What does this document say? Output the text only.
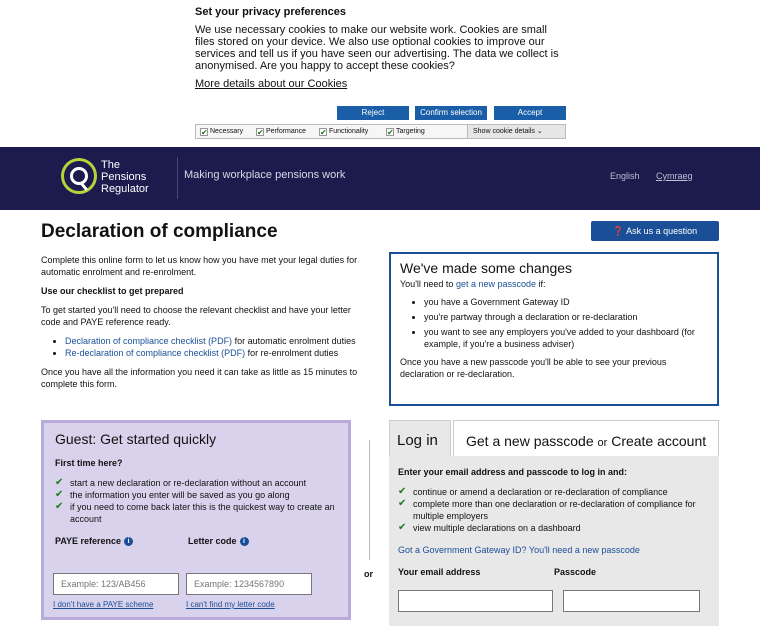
Set your privacy preferences
We use necessary cookies to make our website work. Cookies are small files stored on your device. We also use optional cookies to improve our services and tell us if you have seen our advertising. The data we collect is anonymised. Are you happy to accept these cookies?
More details about our Cookies
Reject	Confirm selection	Accept
✔ Necessary ✔ Performance ✔ Functionality ✔ Targeting	Show cookie details ⌄
The
Pensions
Regulator
Making workplace pensions work	English Cymraeg
Declaration of compliance	❓ Ask us a question

Complete this online form to let us know how you have met your legal duties for automatic enrolment and re-enrolment.

Use our checklist to get prepared

To get started you'll need to choose the relevant checklist and have your letter code and PAYE reference ready.

• Declaration of compliance checklist (PDF) for automatic enrolment duties
• Re-declaration of compliance checklist (PDF) for re-enrolment duties

Once you have all the information you need it can take as little as 15 minutes to complete this form.

We've made some changes
You'll need to get a new passcode if:
• you have a Government Gateway ID
• you're partway through a declaration or re-declaration
• you want to see any employers you've added to your dashboard (for example, if you're a business adviser)
Once you have a new passcode you'll be able to see your previous declaration or re-declaration.
Guest: Get started quickly
First time here?
✔ start a new declaration or re-declaration without an account
✔ the information you enter will be saved as you go along
✔ if you need to come back later this is the quickest way to create an account
PAYE reference i	Letter code i
Example: 123/AB456
Example: 1234567890
I don't have a PAYE scheme	I can't find my letter code
or
Log in	Get a new passcode or Create account
Enter your email address and passcode to log in and:
✔ continue or amend a declaration or re-declaration of compliance
✔ complete more than one declaration or re-declaration of compliance for multiple employers
✔ view multiple declarations on a dashboard
Got a Government Gateway ID? You'll need a new passcode
Your email address	Passcode
